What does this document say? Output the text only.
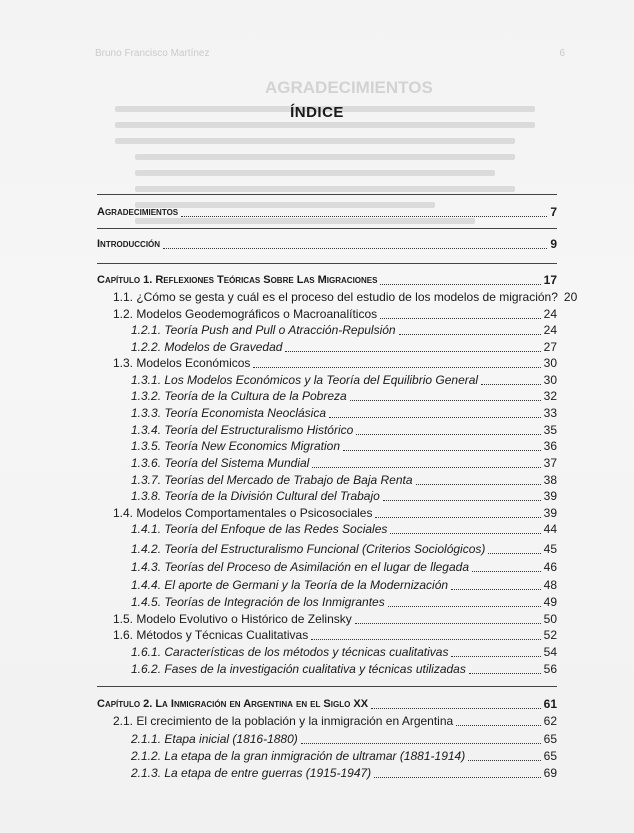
Bruno Francisco Martínez	6
AGRADECIMIENTOS
ÍNDICE
Agradecimientos	7
Introducción	9
Capítulo 1. Reflexiones Teóricas Sobre Las Migraciones	17
1.1. ¿Cómo se gesta y cuál es el proceso del estudio de los modelos de migración? 20
1.2. Modelos Geodemográficos o Macroanalíticos	24
1.2.1. Teoría Push and Pull o Atracción-Repulsión	24
1.2.2. Modelos de Gravedad	27
1.3. Modelos Económicos	30
1.3.1. Los Modelos Económicos y la Teoría del Equilibrio General	30
1.3.2. Teoría de la Cultura de la Pobreza	32
1.3.3. Teoría Economista Neoclásica	33
1.3.4. Teoría del Estructuralismo Histórico	35
1.3.5. Teoría New Economics Migration	36
1.3.6. Teoría del Sistema Mundial	37
1.3.7. Teorías del Mercado de Trabajo de Baja Renta	38
1.3.8. Teoría de la División Cultural del Trabajo	39
1.4. Modelos Comportamentales o Psicosociales	39
1.4.1. Teoría del Enfoque de las Redes Sociales	44
1.4.2. Teoría del Estructuralismo Funcional (Criterios Sociológicos)	45
1.4.3. Teorías del Proceso de Asimilación en el lugar de llegada	46
1.4.4. El aporte de Germani y la Teoría de la Modernización	48
1.4.5. Teorías de Integración de los Inmigrantes	49
1.5. Modelo Evolutivo o Histórico de Zelinsky	50
1.6. Métodos y Técnicas Cualitativas	52
1.6.1. Características de los métodos y técnicas cualitativas	54
1.6.2. Fases de la investigación cualitativa y técnicas utilizadas	56
Capítulo 2. La Inmigración en Argentina en el Siglo XX	61
2.1. El crecimiento de la población y la inmigración en Argentina	62
2.1.1. Etapa inicial (1816-1880)	65
2.1.2. La etapa de la gran inmigración de ultramar (1881-1914)	65
2.1.3. La etapa de entre guerras (1915-1947)	69
